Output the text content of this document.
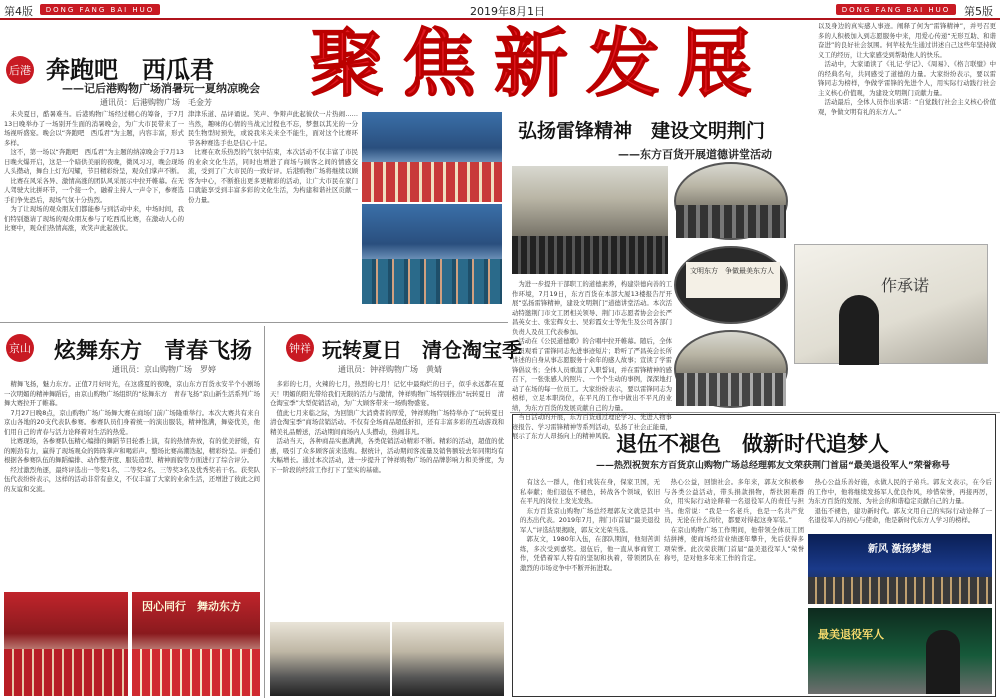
第4版 DONG FANG BAI HUO	2019年8月1日	DONG FANG BAI HUO 第5版
聚焦新发展
后港 奔跑吧　西瓜君
——记后港购物广场消暑玩一夏纳凉晚会
通讯员：后港购物广场　毛金芳
　未央夏日，酷暑难当。后港购物广场经过精心的筹备，于7月13日晚举办了一场别开生面的消暑晚会，为广大市民带来了一场视听盛宴。晚会以“奔跑吧　西瓜君”为主题，内容丰富，形式多样。
　这不，第一场以“奔跑吧　西瓜君”为主题的纳凉晚会于7月13日晚火爆开启，这是一个暗供美丽的夜晚，微风习习，晚会现场人头攒动，舞台上灯光闪耀，节目精彩纷呈，观众们掌声不断。
　比赛在风采各异、激情高涨的团队风采展示中拉开帷幕。在无人驾驶大比拼环节，一个接一个，融着主持人一声令下，参赛选手们争先恐后，现场气氛十分热烈。
　为了让现场的观众朋友们都能参与到活动中来，中场时间，我们特别邀请了现场的观众朋友参与了吃西瓜比赛，在激动人心的比赛中，观众们热情高涨，欢笑声此起彼伏。
津津乐道、品评诵说。笑声、争辩声此起彼伏一片热闹……当然，趣味的心情的当战元过程也不忘，梦想以其光的一分民生物型时预先，或说我米关来全不能生，面对这个比赛环节各种赛选手也是信心十足。
　比赛在欢乐热烈的气氛中结束，本次活动不仅丰富了市民的业余文化生活，同时也增进了商场与顾客之间的情感交流，受到了广大市民的一致好评。后港购物广场将继续以顾客为中心，不断推出更多更精彩的活动，让广大市民在家门口就能享受到丰富多彩的文化生活，为构建和谐社区贡献一份力量。
京山 炫舞东方　青春飞扬
通讯员：京山购物广场　罗婷
　精舞飞扬，魅力东方。正值7月好时光，在这盛夏的夜晚，京山东方百货永安半个小剧场一次明媚的精神舞蹈后，由京山购物广场组织的“炫舞东方　青春飞扬”京山新生活系列广场舞大赛拉开了帷幕。
　7月27日晚8点，京山购物广场广场舞大赛在商场门前广场隆重举行。本次大赛共有来自京山各地的20支代表队参赛。参赛队员们身着统一的演出服装，精神饱满，舞姿优美，他们用自己的青春与活力诠释着对生活的热爱。
　比赛现场，各参赛队伍精心编排的舞蹈节目轮番上演，有的热情奔放，有的优美舒缓，有的刚劲有力，赢得了现场观众的阵阵掌声和喝彩声。整场比赛高潮迭起，精彩纷呈。评委们根据各参赛队伍的舞蹈编排、动作整齐度、服装造型、精神面貌等方面进行了综合评分。
　经过激烈角逐，最终评选出一等奖1名、二等奖2名、三等奖3名及优秀奖若干名。获奖队伍代表纷纷表示，这样的活动非常有意义，不仅丰富了大家的业余生活，还增进了彼此之间的友谊和交流。
因心同行　舞动东方
钟祥 玩转夏日　清仓淘宝季
通讯员：钟祥购物广场　黄婧
　多彩的七月，火辣的七月，热烈的七月！记忆中最绚烂的日子，似乎永远都在夏天！明媚的阳光带给我们无限的活力与激情，钟祥购物广场特别推出“玩转夏日　清仓淘宝季”大型促销活动，为广大顾客带来一场购物盛宴。
　值此七月来临之际，为回馈广大消费者的厚爱，钟祥购物广场特举办了“玩转夏日　清仓淘宝季”商场营销活动。不仅有全场商品超低折扣，还有丰富多彩的互动游戏和精美礼品赠送，活动期间商场内人头攒动，热闹非凡。
　活动当天，各种商品实惠满满，各类促销活动精彩不断。精彩的活动，超值的优惠，吸引了众多顾客前来选购。据统计，活动期间客流量及销售额较去年同期均有大幅增长。通过本次活动，进一步提升了钟祥购物广场的品牌影响力和美誉度，为下一阶段的经营工作打下了坚实的基础。
弘扬雷锋精神　建设文明荆门
——东方百货开展道德讲堂活动
　为进一步提升干部职工的道德素养，构建崇德向善的工作环境，7月19日，东方百货在本部大厦13楼报告厅开展“弘扬雷锋精神，建设文明荆门”道德讲堂活动。本次活动特邀荆门市文工团相关领导、荆门市志愿者协会会长严昌英女士、张宏辉女士、吴彩霞女士等先生及公司各部门负责人及员工代表参加。
　活动在《公民道德歌》的合唱中拉开帷幕。随后，全体人员观看了雷锋同志先进事迹短片；聆听了严昌英会长所讲述的自身从事志愿服务十余年的感人故事；宣读了学雷锋倡议书；全体人员重温了入职誓词，并在雷锋精神的感召下，一张张感人的照片、一个个生动的事例，深深地打动了在场的每一位员工。大家纷纷表示，要以雷锋同志为榜样，立足本职岗位，在平凡的工作中做出不平凡的业绩，为东方百货的发展贡献自己的力量。
　当日活动的开展，东方百货通过理论学习、先进人物事迹报告、学习雷锋精神等系列活动，弘扬了社会正能量，展示了东方人昂扬向上的精神风貌。
文明东方　争做最美东方人
作承诺
以及身边的真实感人事迹。阐释了何为“雷锋精神”，并号召更多的人积极加入到志愿服务中来，用爱心传递“无形互助、和谐奋进”的良好社会氛围。何苹枝先生通过讲述自己这些年坚持做义工的经历，让大家感受到帮助他人的快乐。
　活动中，大家诵读了《礼记·学记》、《周易》、《格言联璧》中的经典名句，共同感受了道德的力量。大家纷纷表示，要以雷锋同志为榜样，争做学雷锋的先进个人，用实际行动践行社会主义核心价值观，为建设文明荆门贡献力量。
　活动最后，全体人员作出承诺：“自觉践行社会主义核心价值观，争做文明有礼的东方人。”
退伍不褪色　做新时代追梦人
——热烈祝贺东方百货京山购物广场总经理郭友文荣获荆门首届“最美退役军人”荣誉称号
　有这么一群人，他们戎装在身，保家卫国，无私奉献；他们退伍不褪色，转战各个领域，依旧在平凡的岗位上发光发热。
　东方百货京山购物广场总经理郭友文就是其中的杰出代表。2019年7月，荆门市首届“最美退役军人”评选结果揭晓，郭友文光荣当选。
　郭友文，1980年入伍，在部队期间，他刻苦训练，多次受到嘉奖。退伍后，他一直从事商贸工作，凭借着军人特有的坚韧和执着，带领团队在激烈的市场竞争中不断开拓进取。
　热心公益，回馈社会。多年来，郭友文积极参与各类公益活动，带头捐款捐物，帮扶困难群众，用实际行动诠释着一名退役军人的责任与担当。他常说：“我是一名老兵，也是一名共产党员，无论在什么岗位，都要对得起这身军装。”
　在京山购物广场工作期间，他带领全体员工团结拼搏，使商场经营业绩逐年攀升，先后获得多项荣誉。此次荣获荆门首届“最美退役军人”荣誉称号，是对他多年来工作的肯定。
　热心公益乐善好施，永做人民的子弟兵。郭友文表示，在今后的工作中，他将继续发扬军人优良作风，珍惜荣誉，再接再厉，为东方百货的发展、为社会的和谐稳定贡献自己的力量。
　退伍不褪色，建功新时代。郭友文用自己的实际行动诠释了一名退役军人的初心与使命，他是新时代东方人学习的榜样。
新风 激扬梦想
最美退役军人
